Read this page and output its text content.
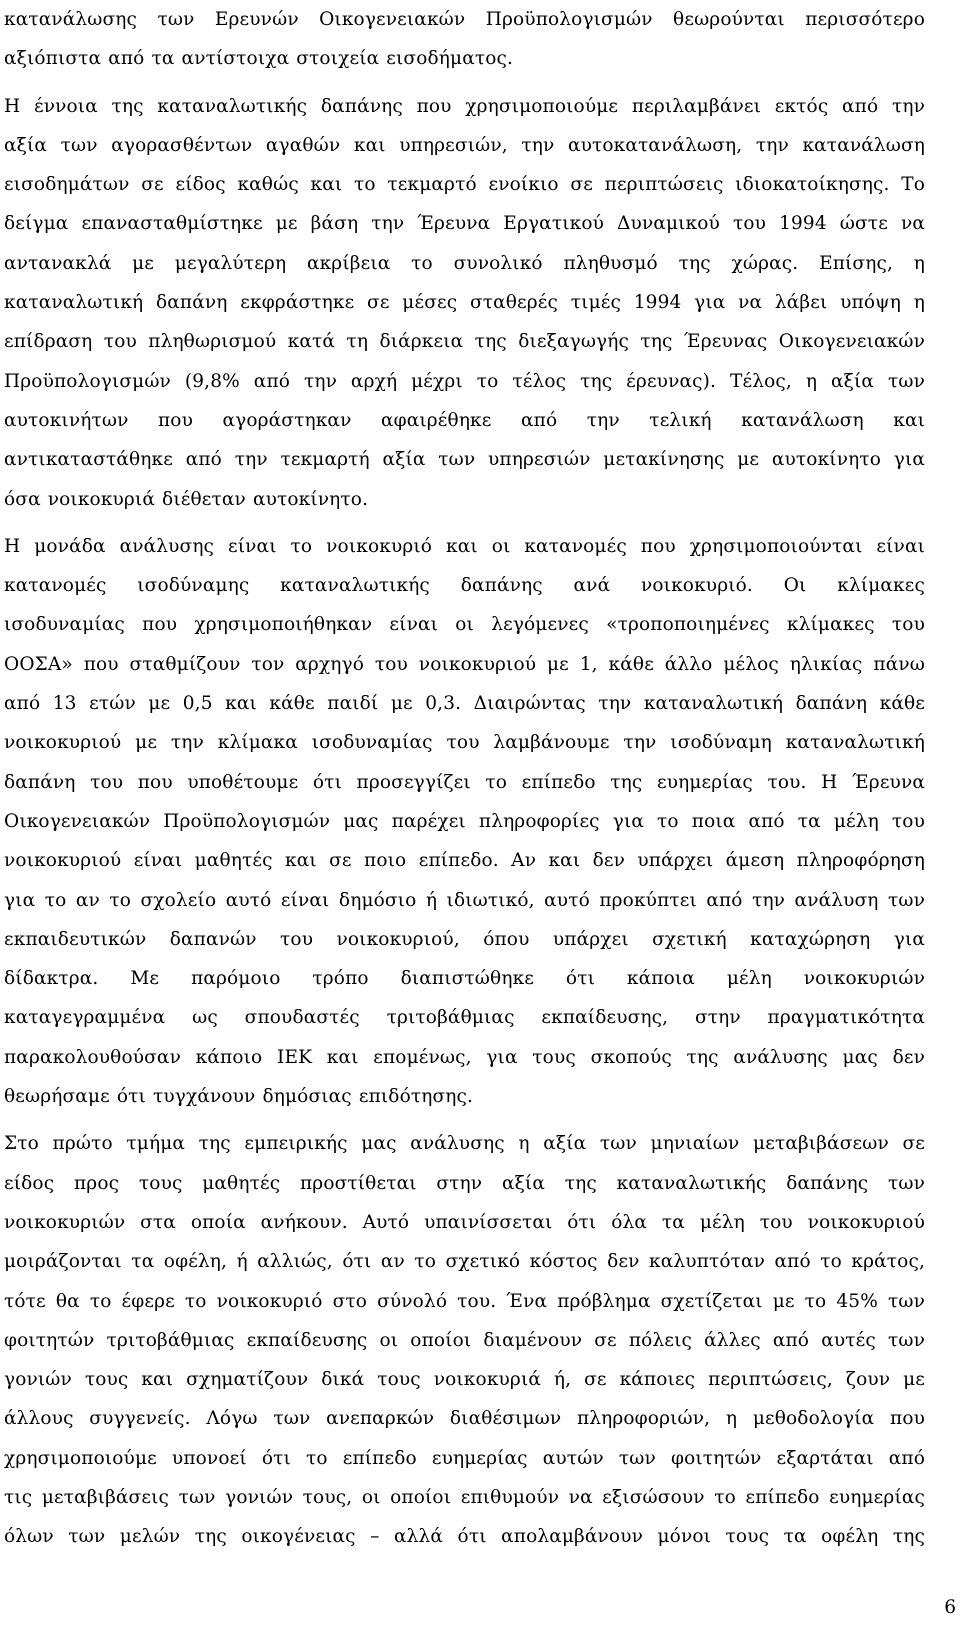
κατανάλωσης των Ερευνών Οικογενειακών Προϋπολογισμών θεωρούνται περισσότερο
αξιόπιστα από τα αντίστοιχα στοιχεία εισοδήματος.
Η έννοια της καταναλωτικής δαπάνης που χρησιμοποιούμε περιλαμβάνει εκτός από την
αξία των αγορασθέντων αγαθών και υπηρεσιών, την αυτοκατανάλωση, την κατανάλωση
εισοδημάτων σε είδος καθώς και το τεκμαρτό ενοίκιο σε περιπτώσεις ιδιοκατοίκησης. Το
δείγμα επανασταθμίστηκε με βάση την Έρευνα Εργατικού Δυναμικού του 1994 ώστε να
αντανακλά με μεγαλύτερη ακρίβεια το συνολικό πληθυσμό της χώρας. Επίσης, η
καταναλωτική δαπάνη εκφράστηκε σε μέσες σταθερές τιμές 1994 για να λάβει υπόψη η
επίδραση του πληθωρισμού κατά τη διάρκεια της διεξαγωγής της Έρευνας Οικογενειακών
Προϋπολογισμών (9,8% από την αρχή μέχρι το τέλος της έρευνας). Τέλος, η αξία των
αυτοκινήτων που αγοράστηκαν αφαιρέθηκε από την τελική κατανάλωση και
αντικαταστάθηκε από την τεκμαρτή αξία των υπηρεσιών μετακίνησης με αυτοκίνητο για
όσα νοικοκυριά διέθεταν αυτοκίνητο.
Η μονάδα ανάλυσης είναι το νοικοκυριό και οι κατανομές που χρησιμοποιούνται είναι
κατανομές ισοδύναμης καταναλωτικής δαπάνης ανά νοικοκυριό. Οι κλίμακες
ισοδυναμίας που χρησιμοποιήθηκαν είναι οι λεγόμενες «τροποποιημένες κλίμακες του
ΟΟΣΑ» που σταθμίζουν τον αρχηγό του νοικοκυριού με 1, κάθε άλλο μέλος ηλικίας πάνω
από 13 ετών με 0,5 και κάθε παιδί με 0,3. Διαιρώντας την καταναλωτική δαπάνη κάθε
νοικοκυριού με την κλίμακα ισοδυναμίας του λαμβάνουμε την ισοδύναμη καταναλωτική
δαπάνη του που υποθέτουμε ότι προσεγγίζει το επίπεδο της ευημερίας του. Η Έρευνα
Οικογενειακών Προϋπολογισμών μας παρέχει πληροφορίες για το ποια από τα μέλη του
νοικοκυριού είναι μαθητές και σε ποιο επίπεδο. Αν και δεν υπάρχει άμεση πληροφόρηση
για το αν το σχολείο αυτό είναι δημόσιο ή ιδιωτικό, αυτό προκύπτει από την ανάλυση των
εκπαιδευτικών δαπανών του νοικοκυριού, όπου υπάρχει σχετική καταχώρηση για
δίδακτρα. Με παρόμοιο τρόπο διαπιστώθηκε ότι κάποια μέλη νοικοκυριών
καταγεγραμμένα ως σπουδαστές τριτοβάθμιας εκπαίδευσης, στην πραγματικότητα
παρακολουθούσαν κάποιο ΙΕΚ και επομένως, για τους σκοπούς της ανάλυσης μας δεν
θεωρήσαμε ότι τυγχάνουν δημόσιας επιδότησης.
Στο πρώτο τμήμα της εμπειρικής μας ανάλυσης η αξία των μηνιαίων μεταβιβάσεων σε
είδος προς τους μαθητές προστίθεται στην αξία της καταναλωτικής δαπάνης των
νοικοκυριών στα οποία ανήκουν. Αυτό υπαινίσσεται ότι όλα τα μέλη του νοικοκυριού
μοιράζονται τα οφέλη, ή αλλιώς, ότι αν το σχετικό κόστος δεν καλυπτόταν από το κράτος,
τότε θα το έφερε το νοικοκυριό στο σύνολό του. Ένα πρόβλημα σχετίζεται με το 45% των
φοιτητών τριτοβάθμιας εκπαίδευσης οι οποίοι διαμένουν σε πόλεις άλλες από αυτές των
γονιών τους και σχηματίζουν δικά τους νοικοκυριά ή, σε κάποιες περιπτώσεις, ζουν με
άλλους συγγενείς. Λόγω των ανεπαρκών διαθέσιμων πληροφοριών, η μεθοδολογία που
χρησιμοποιούμε υπονοεί ότι το επίπεδο ευημερίας αυτών των φοιτητών εξαρτάται από
τις μεταβιβάσεις των γονιών τους, οι οποίοι επιθυμούν να εξισώσουν το επίπεδο ευημερίας
όλων των μελών της οικογένειας – αλλά ότι απολαμβάνουν μόνοι τους τα οφέλη της
6
